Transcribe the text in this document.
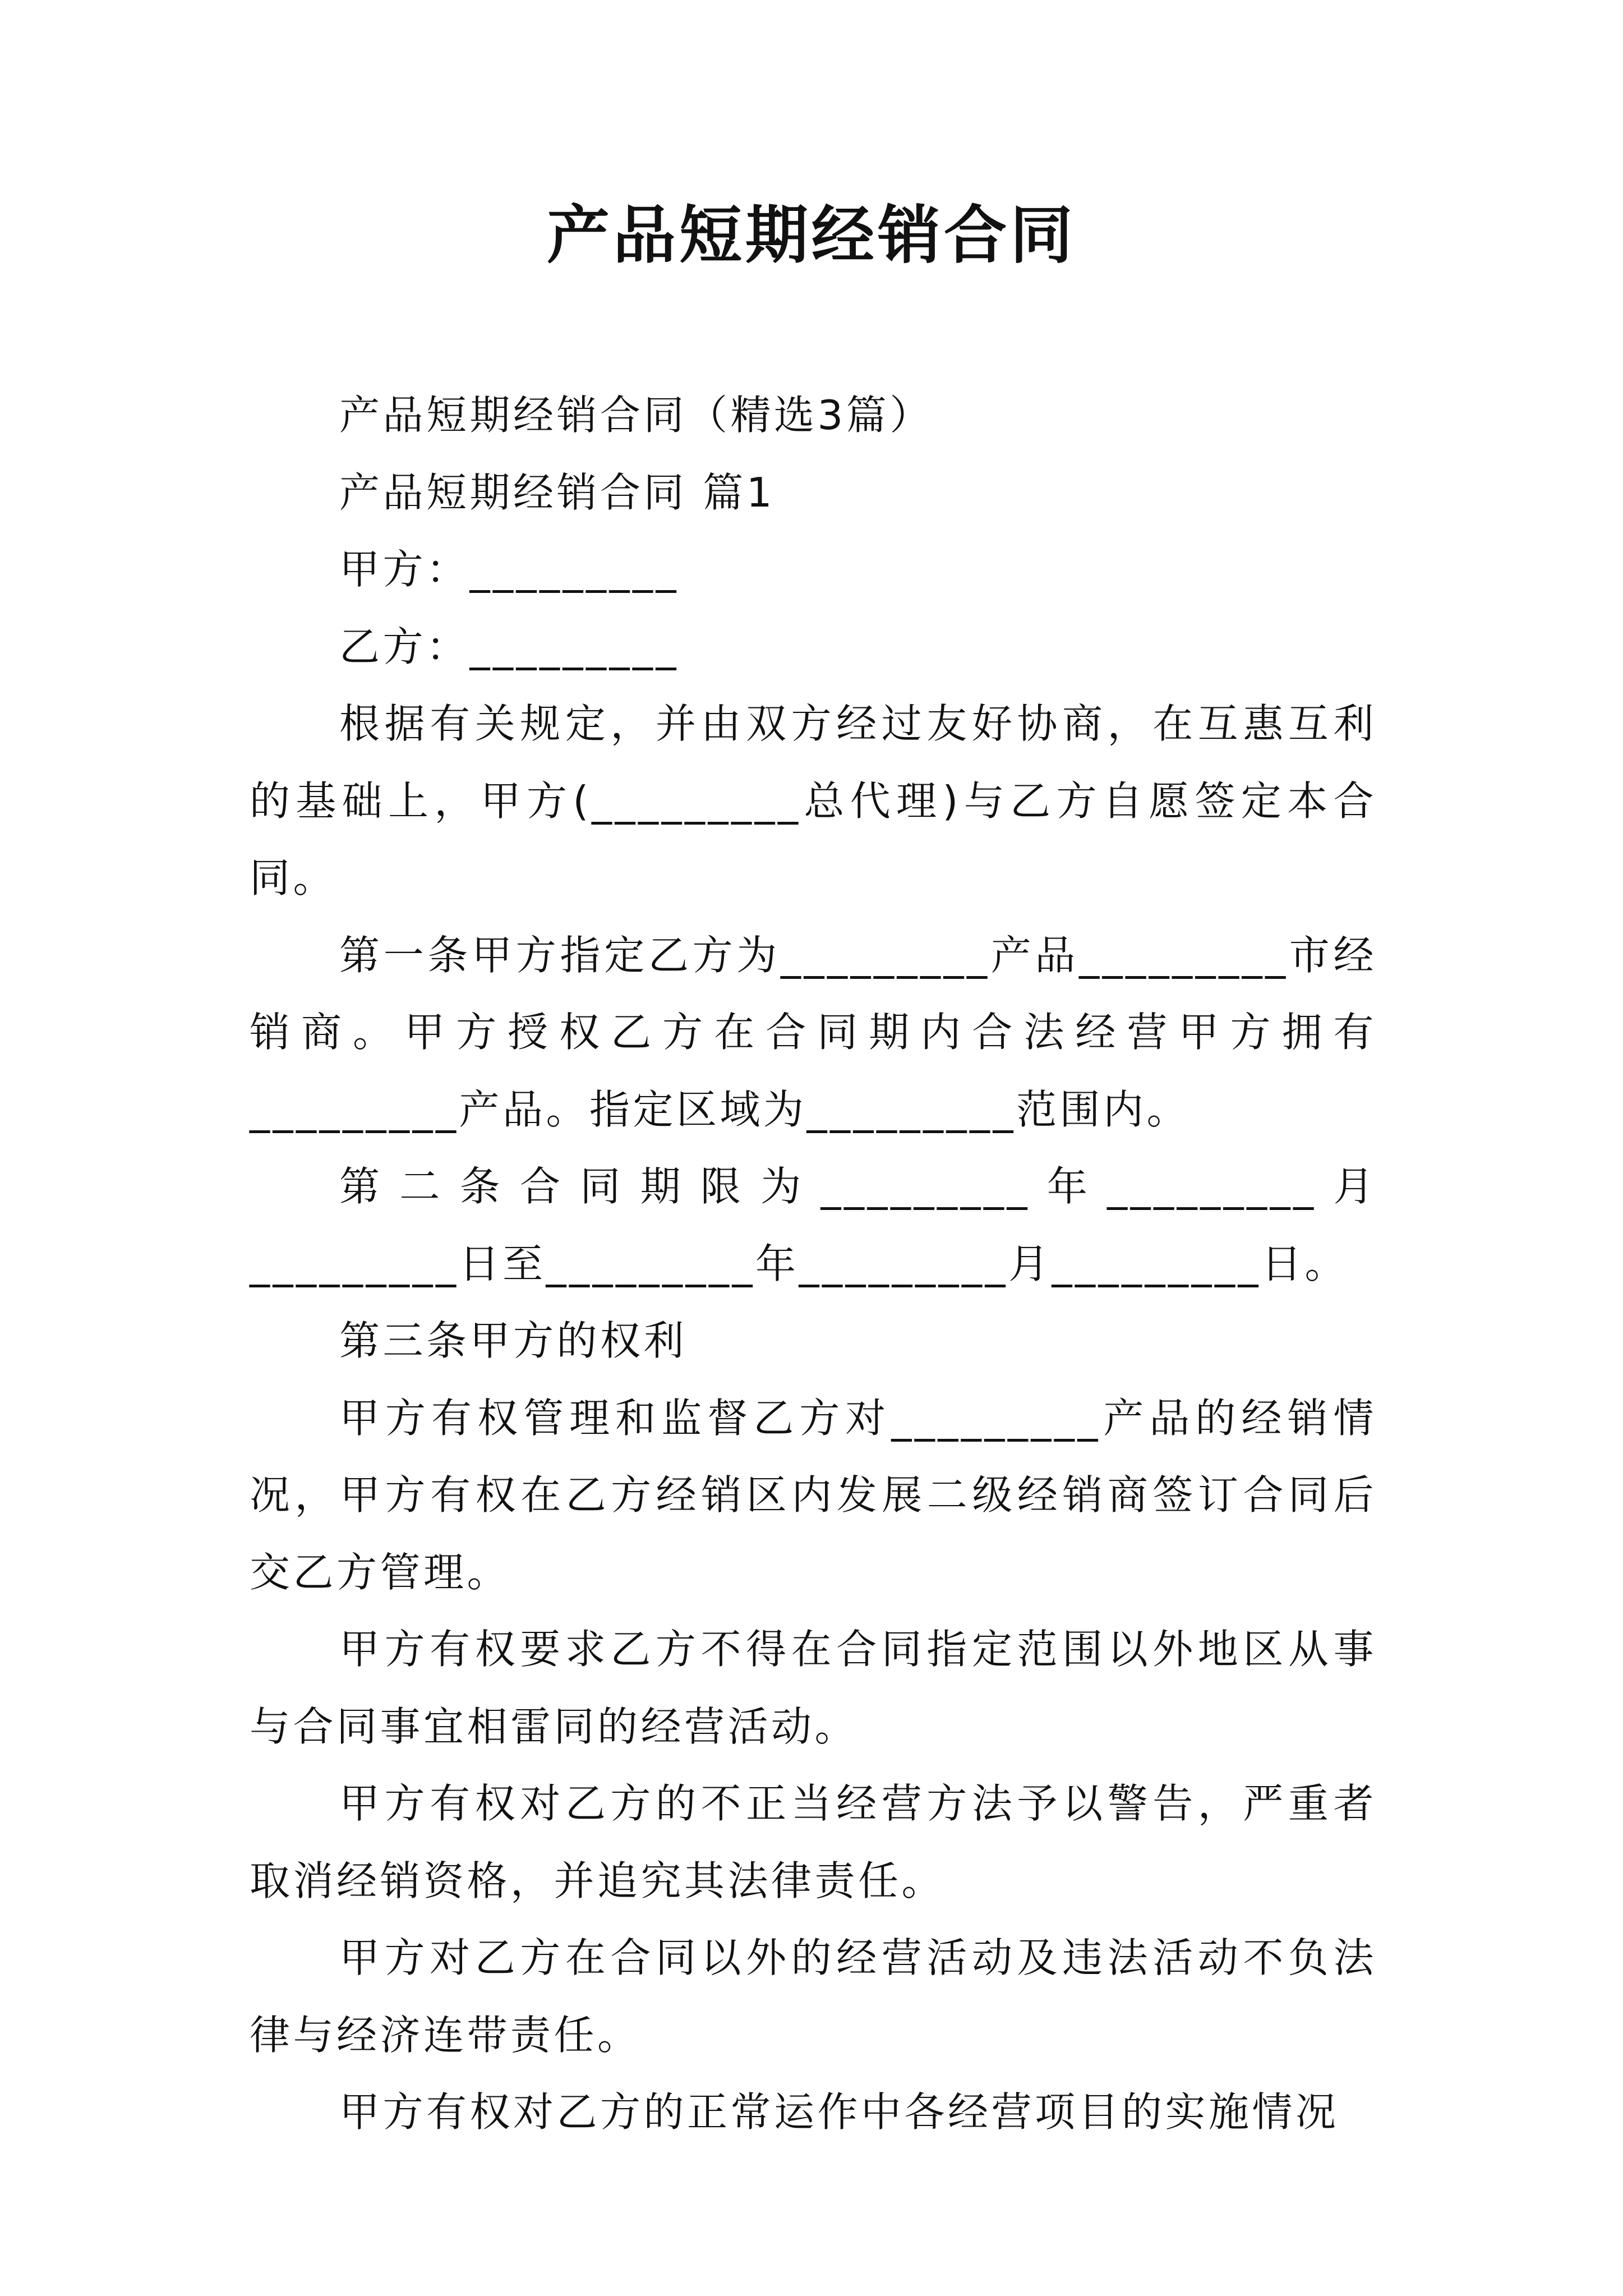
产品短期经销合同

产品短期经销合同（精选3篇）

产品短期经销合同 篇1

甲方：_________

乙方：_________

根据有关规定，并由双方经过友好协商，在互惠互利的基础上，甲方(_________总代理)与乙方自愿签定本合同。

第一条甲方指定乙方为_________产品_________市经销商。甲方授权乙方在合同期内合法经营甲方拥有_________产品。指定区域为_________范围内。

第二条合同期限为_________年_________月_________日至_________年_________月_________日。

第三条甲方的权利

甲方有权管理和监督乙方对_________产品的经销情况，甲方有权在乙方经销区内发展二级经销商签订合同后交乙方管理。

甲方有权要求乙方不得在合同指定范围以外地区从事与合同事宜相雷同的经营活动。

甲方有权对乙方的不正当经营方法予以警告，严重者取消经销资格，并追究其法律责任。

甲方对乙方在合同以外的经营活动及违法活动不负法律与经济连带责任。

甲方有权对乙方的正常运作中各经营项目的实施情况
